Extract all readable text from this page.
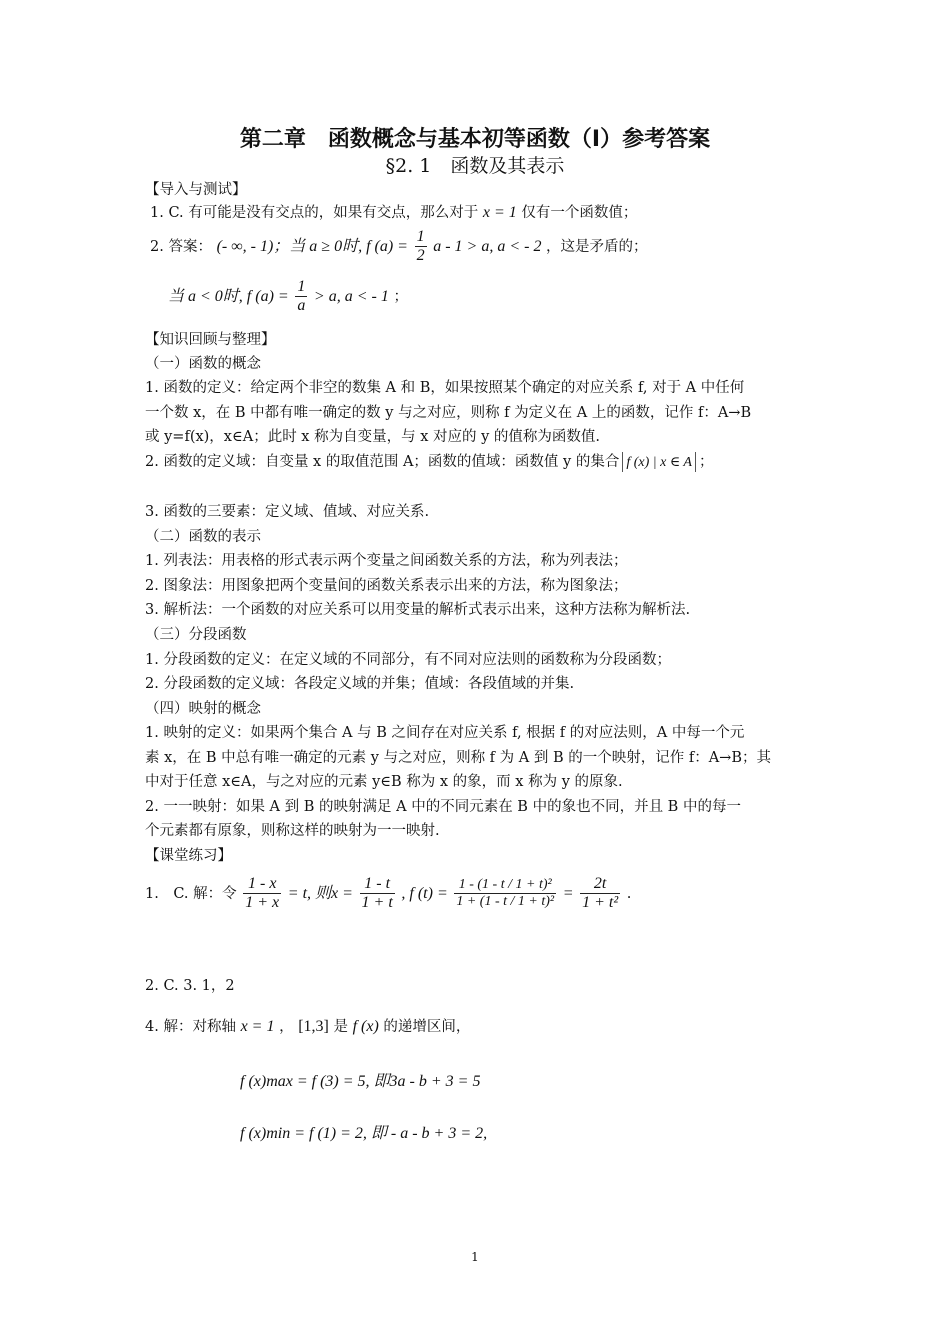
第二章　函数概念与基本初等函数（Ⅰ）参考答案
§2. 1　函数及其表示
【导入与测试】
1. C. 有可能是没有交点的，如果有交点，那么对于 x = 1 仅有一个函数值；
2. 答案： (- ∞, - 1)；当 a ≥ 0时, f $(a) = \frac{1}{2}$ a - 1 > a, a < - 2 ，这是矛盾的；
当 a < 0时, f $(a) = \frac{1}{a} > a$, a < - 1 ；
【知识回顾与整理】
（一）函数的概念
1. 函数的定义：给定两个非空的数集 A 和 B，如果按照某个确定的对应关系 f, 对于 A 中任何
一个数 x，在 B 中都有唯一确定的数 y 与之对应，则称 f 为定义在 A 上的函数，记作 f：A→B
或 y=f(x)，x∈A；此时 x 称为自变量，与 x 对应的 y 的值称为函数值.
2. 函数的定义域：自变量 x 的取值范围 A；函数的值域：函数值 y 的集合 f (x) | x ∈ A ；
3. 函数的三要素：定义域、值域、对应关系.
（二）函数的表示
1. 列表法：用表格的形式表示两个变量之间函数关系的方法，称为列表法；
2. 图象法：用图象把两个变量间的函数关系表示出来的方法，称为图象法；
3. 解析法：一个函数的对应关系可以用变量的解析式表示出来，这种方法称为解析法.
（三）分段函数
1. 分段函数的定义：在定义域的不同部分，有不同对应法则的函数称为分段函数；
2. 分段函数的定义域：各段定义域的并集；值域：各段值域的并集.
（四）映射的概念
1. 映射的定义：如果两个集合 A 与 B 之间存在对应关系 f, 根据 f 的对应法则，A 中每一个元
素 x，在 B 中总有唯一确定的元素 y 与之对应，则称 f 为 A 到 B 的一个映射，记作 f：A→B；其
中对于任意 x∈A，与之对应的元素 y∈B 称为 x 的象，而 x 称为 y 的原象.
2. 一一映射：如果 A 到 B 的映射满足 A 中的不同元素在 B 中的象也不同，并且 B 中的每一
个元素都有原象，则称这样的映射为一一映射.
【课堂练习】
1.　C. 解：令 $\frac{1 - x}{1 + x} = t$, 则$x = \frac{1 - t}{1 + t}$ , f $(t) = \frac{\text{1 - (1 - t / 1 + t)²}}{\text{1 + (1 - t / 1 + t)²}} = \frac{2t}{\text{1 + t²}}$ .
2. C. 3. 1，2
4. 解：对称轴 x = 1 ， [1,3] 是 f (x) 的递增区间，
f (x)max = f (3) = 5, 即3a - b + 3 = 5
f (x)min = f (1) = 2, 即 - a - b + 3 = 2,
1
